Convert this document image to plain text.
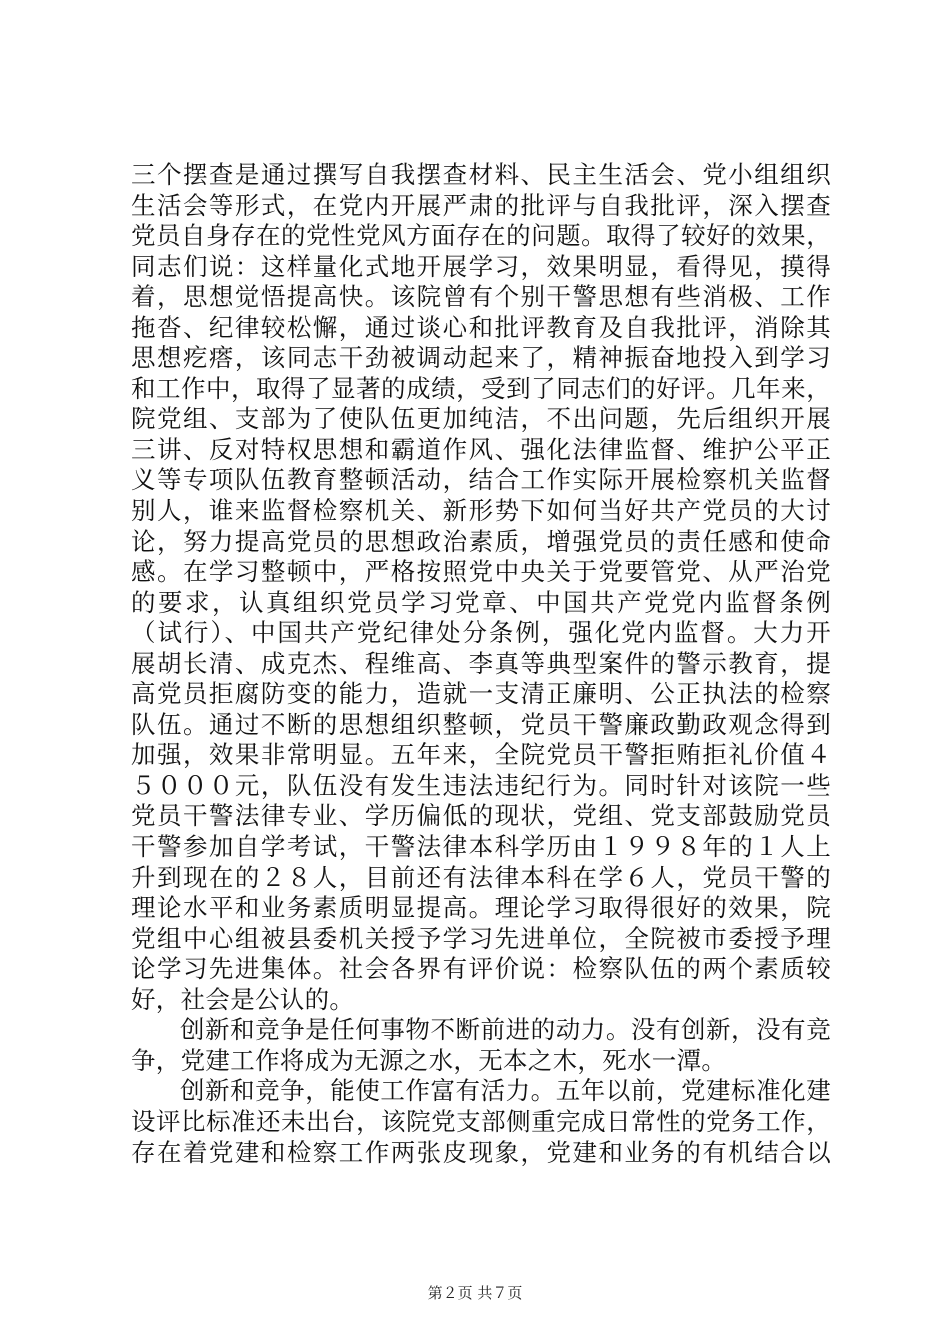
三个摆查是通过撰写自我摆查材料、民主生活会、党小组组织
生活会等形式，在党内开展严肃的批评与自我批评，深入摆查
党员自身存在的党性党风方面存在的问题。取得了较好的效果，
同志们说：这样量化式地开展学习，效果明显，看得见，摸得
着，思想觉悟提高快。该院曾有个别干警思想有些消极、工作
拖沓、纪律较松懈，通过谈心和批评教育及自我批评，消除其
思想疙瘩，该同志干劲被调动起来了，精神振奋地投入到学习
和工作中，取得了显著的成绩，受到了同志们的好评。几年来，
院党组、支部为了使队伍更加纯洁，不出问题，先后组织开展
三讲、反对特权思想和霸道作风、强化法律监督、维护公平正
义等专项队伍教育整顿活动，结合工作实际开展检察机关监督
别人，谁来监督检察机关、新形势下如何当好共产党员的大讨
论，努力提高党员的思想政治素质，增强党员的责任感和使命
感。在学习整顿中，严格按照党中央关于党要管党、从严治党
的要求，认真组织党员学习党章、中国共产党党内监督条例
（试行）、中国共产党纪律处分条例，强化党内监督。大力开
展胡长清、成克杰、程维高、李真等典型案件的警示教育，提
高党员拒腐防变的能力，造就一支清正廉明、公正执法的检察
队伍。通过不断的思想组织整顿，党员干警廉政勤政观念得到
加强，效果非常明显。五年来，全院党员干警拒贿拒礼价值４
５０００元，队伍没有发生违法违纪行为。同时针对该院一些
党员干警法律专业、学历偏低的现状，党组、党支部鼓励党员
干警参加自学考试，干警法律本科学历由１９９８年的１人上
升到现在的２８人，目前还有法律本科在学６人，党员干警的
理论水平和业务素质明显提高。理论学习取得很好的效果，院
党组中心组被县委机关授予学习先进单位，全院被市委授予理
论学习先进集体。社会各界有评价说：检察队伍的两个素质较
好，社会是公认的。
创新和竞争是任何事物不断前进的动力。没有创新，没有竞
争，党建工作将成为无源之水，无本之木，死水一潭。
创新和竞争，能使工作富有活力。五年以前，党建标准化建
设评比标准还未出台，该院党支部侧重完成日常性的党务工作，
存在着党建和检察工作两张皮现象，党建和业务的有机结合以
第２页 共７页
